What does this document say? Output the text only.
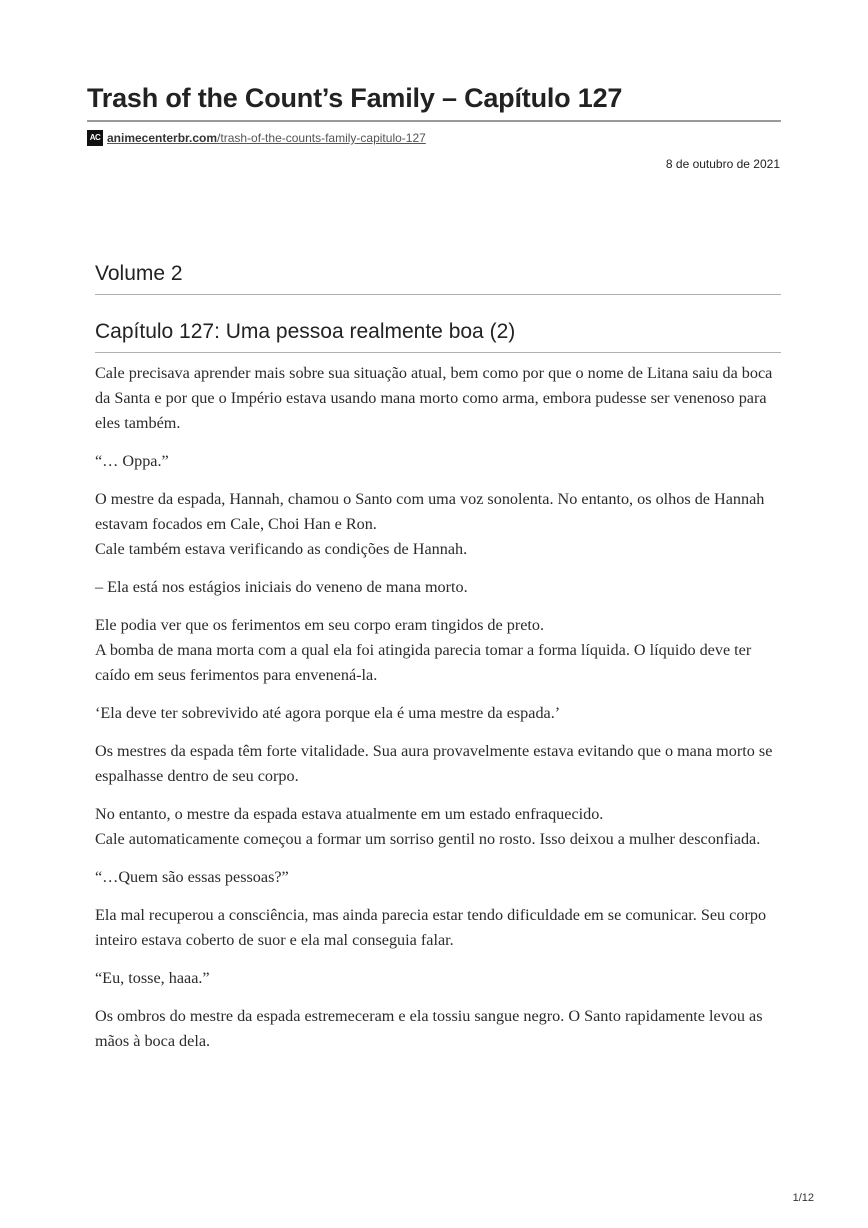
Trash of the Count’s Family – Capítulo 127
AC animecenterbr.com/trash-of-the-counts-family-capitulo-127
8 de outubro de 2021
Volume 2
Capítulo 127: Uma pessoa realmente boa (2)

Cale precisava aprender mais sobre sua situação atual, bem como por que o nome de Litana saiu da boca da Santa e por que o Império estava usando mana morto como arma, embora pudesse ser venenoso para eles também.

“… Oppa.”

O mestre da espada, Hannah, chamou o Santo com uma voz sonolenta. No entanto, os olhos de Hannah estavam focados em Cale, Choi Han e Ron.
Cale também estava verificando as condições de Hannah.

– Ela está nos estágios iniciais do veneno de mana morto.

Ele podia ver que os ferimentos em seu corpo eram tingidos de preto.
A bomba de mana morta com a qual ela foi atingida parecia tomar a forma líquida. O líquido deve ter caído em seus ferimentos para envenená-la.

‘Ela deve ter sobrevivido até agora porque ela é uma mestre da espada.’

Os mestres da espada têm forte vitalidade. Sua aura provavelmente estava evitando que o mana morto se espalhasse dentro de seu corpo.

No entanto, o mestre da espada estava atualmente em um estado enfraquecido.
Cale automaticamente começou a formar um sorriso gentil no rosto. Isso deixou a mulher desconfiada.

“…Quem são essas pessoas?”

Ela mal recuperou a consciência, mas ainda parecia estar tendo dificuldade em se comunicar. Seu corpo inteiro estava coberto de suor e ela mal conseguia falar.

“Eu, tosse, haaa.”

Os ombros do mestre da espada estremeceram e ela tossiu sangue negro. O Santo rapidamente levou as mãos à boca dela.

1/12
